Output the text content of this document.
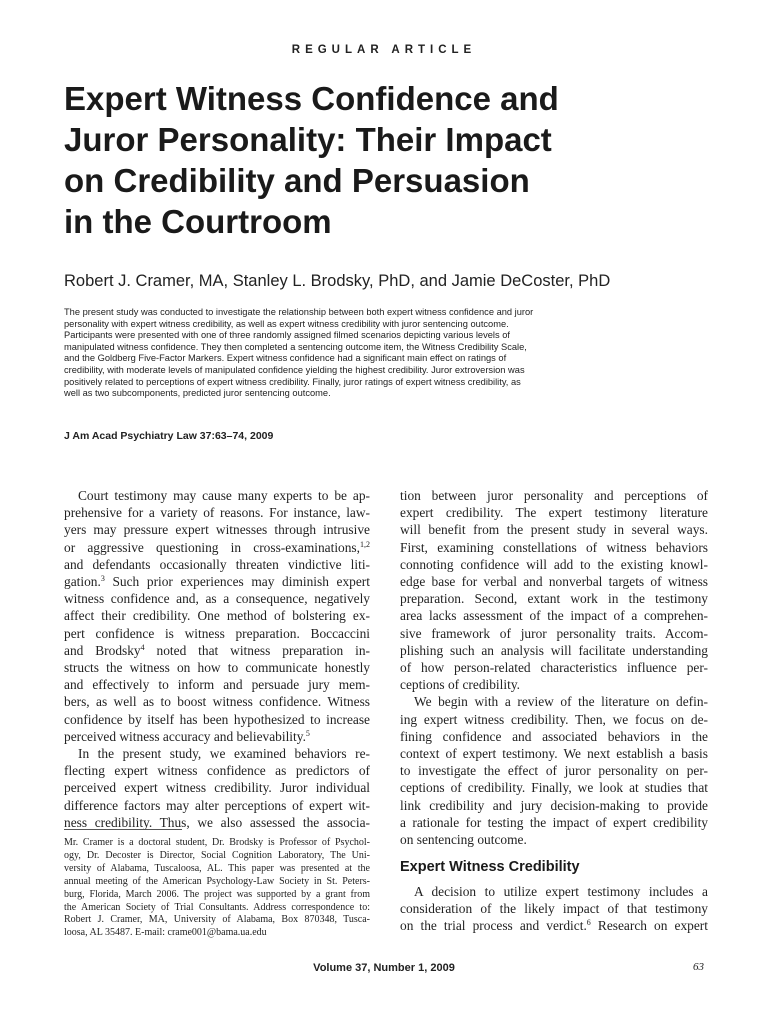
REGULAR ARTICLE
Expert Witness Confidence and
Juror Personality: Their Impact
on Credibility and Persuasion
in the Courtroom
Robert J. Cramer, MA, Stanley L. Brodsky, PhD, and Jamie DeCoster, PhD
The present study was conducted to investigate the relationship between both expert witness confidence and juror
personality with expert witness credibility, as well as expert witness credibility with juror sentencing outcome.
Participants were presented with one of three randomly assigned filmed scenarios depicting various levels of
manipulated witness confidence. They then completed a sentencing outcome item, the Witness Credibility Scale,
and the Goldberg Five-Factor Markers. Expert witness confidence had a significant main effect on ratings of
credibility, with moderate levels of manipulated confidence yielding the highest credibility. Juror extroversion was
positively related to perceptions of expert witness credibility. Finally, juror ratings of expert witness credibility, as
well as two subcomponents, predicted juror sentencing outcome.
J Am Acad Psychiatry Law 37:63–74, 2009
Court testimony may cause many experts to be ap-
prehensive for a variety of reasons. For instance, law-
yers may pressure expert witnesses through intrusive
or aggressive questioning in cross-examinations,$^{1,2}$
and defendants occasionally threaten vindictive liti-
gation.$^3$ Such prior experiences may diminish expert
witness confidence and, as a consequence, negatively
affect their credibility. One method of bolstering ex-
pert confidence is witness preparation. Boccaccini
and Brodsky$^4$ noted that witness preparation in-
structs the witness on how to communicate honestly
and effectively to inform and persuade jury mem-
bers, as well as to boost witness confidence. Witness
confidence by itself has been hypothesized to increase
perceived witness accuracy and believability.$^5$
In the present study, we examined behaviors re-
flecting expert witness confidence as predictors of
perceived expert witness credibility. Juror individual
difference factors may alter perceptions of expert wit-
ness credibility. Thus, we also assessed the associa-
Mr. Cramer is a doctoral student, Dr. Brodsky is Professor of Psychol-
ogy, Dr. Decoster is Director, Social Cognition Laboratory, The Uni-
versity of Alabama, Tuscaloosa, AL. This paper was presented at the
annual meeting of the American Psychology-Law Society in St. Peters-
burg, Florida, March 2006. The project was supported by a grant from
the American Society of Trial Consultants. Address correspondence to:
Robert J. Cramer, MA, University of Alabama, Box 870348, Tusca-
loosa, AL 35487. E-mail: crame001@bama.ua.edu
tion between juror personality and perceptions of
expert credibility. The expert testimony literature
will benefit from the present study in several ways.
First, examining constellations of witness behaviors
connoting confidence will add to the existing knowl-
edge base for verbal and nonverbal targets of witness
preparation. Second, extant work in the testimony
area lacks assessment of the impact of a comprehen-
sive framework of juror personality traits. Accom-
plishing such an analysis will facilitate understanding
of how person-related characteristics influence per-
ceptions of credibility.
We begin with a review of the literature on defin-
ing expert witness credibility. Then, we focus on de-
fining confidence and associated behaviors in the
context of expert testimony. We next establish a basis
to investigate the effect of juror personality on per-
ceptions of credibility. Finally, we look at studies that
link credibility and jury decision-making to provide
a rationale for testing the impact of expert credibility
on sentencing outcome.
Expert Witness Credibility
A decision to utilize expert testimony includes a
consideration of the likely impact of that testimony
on the trial process and verdict.$^6$ Research on expert
Volume 37, Number 1, 2009	63
